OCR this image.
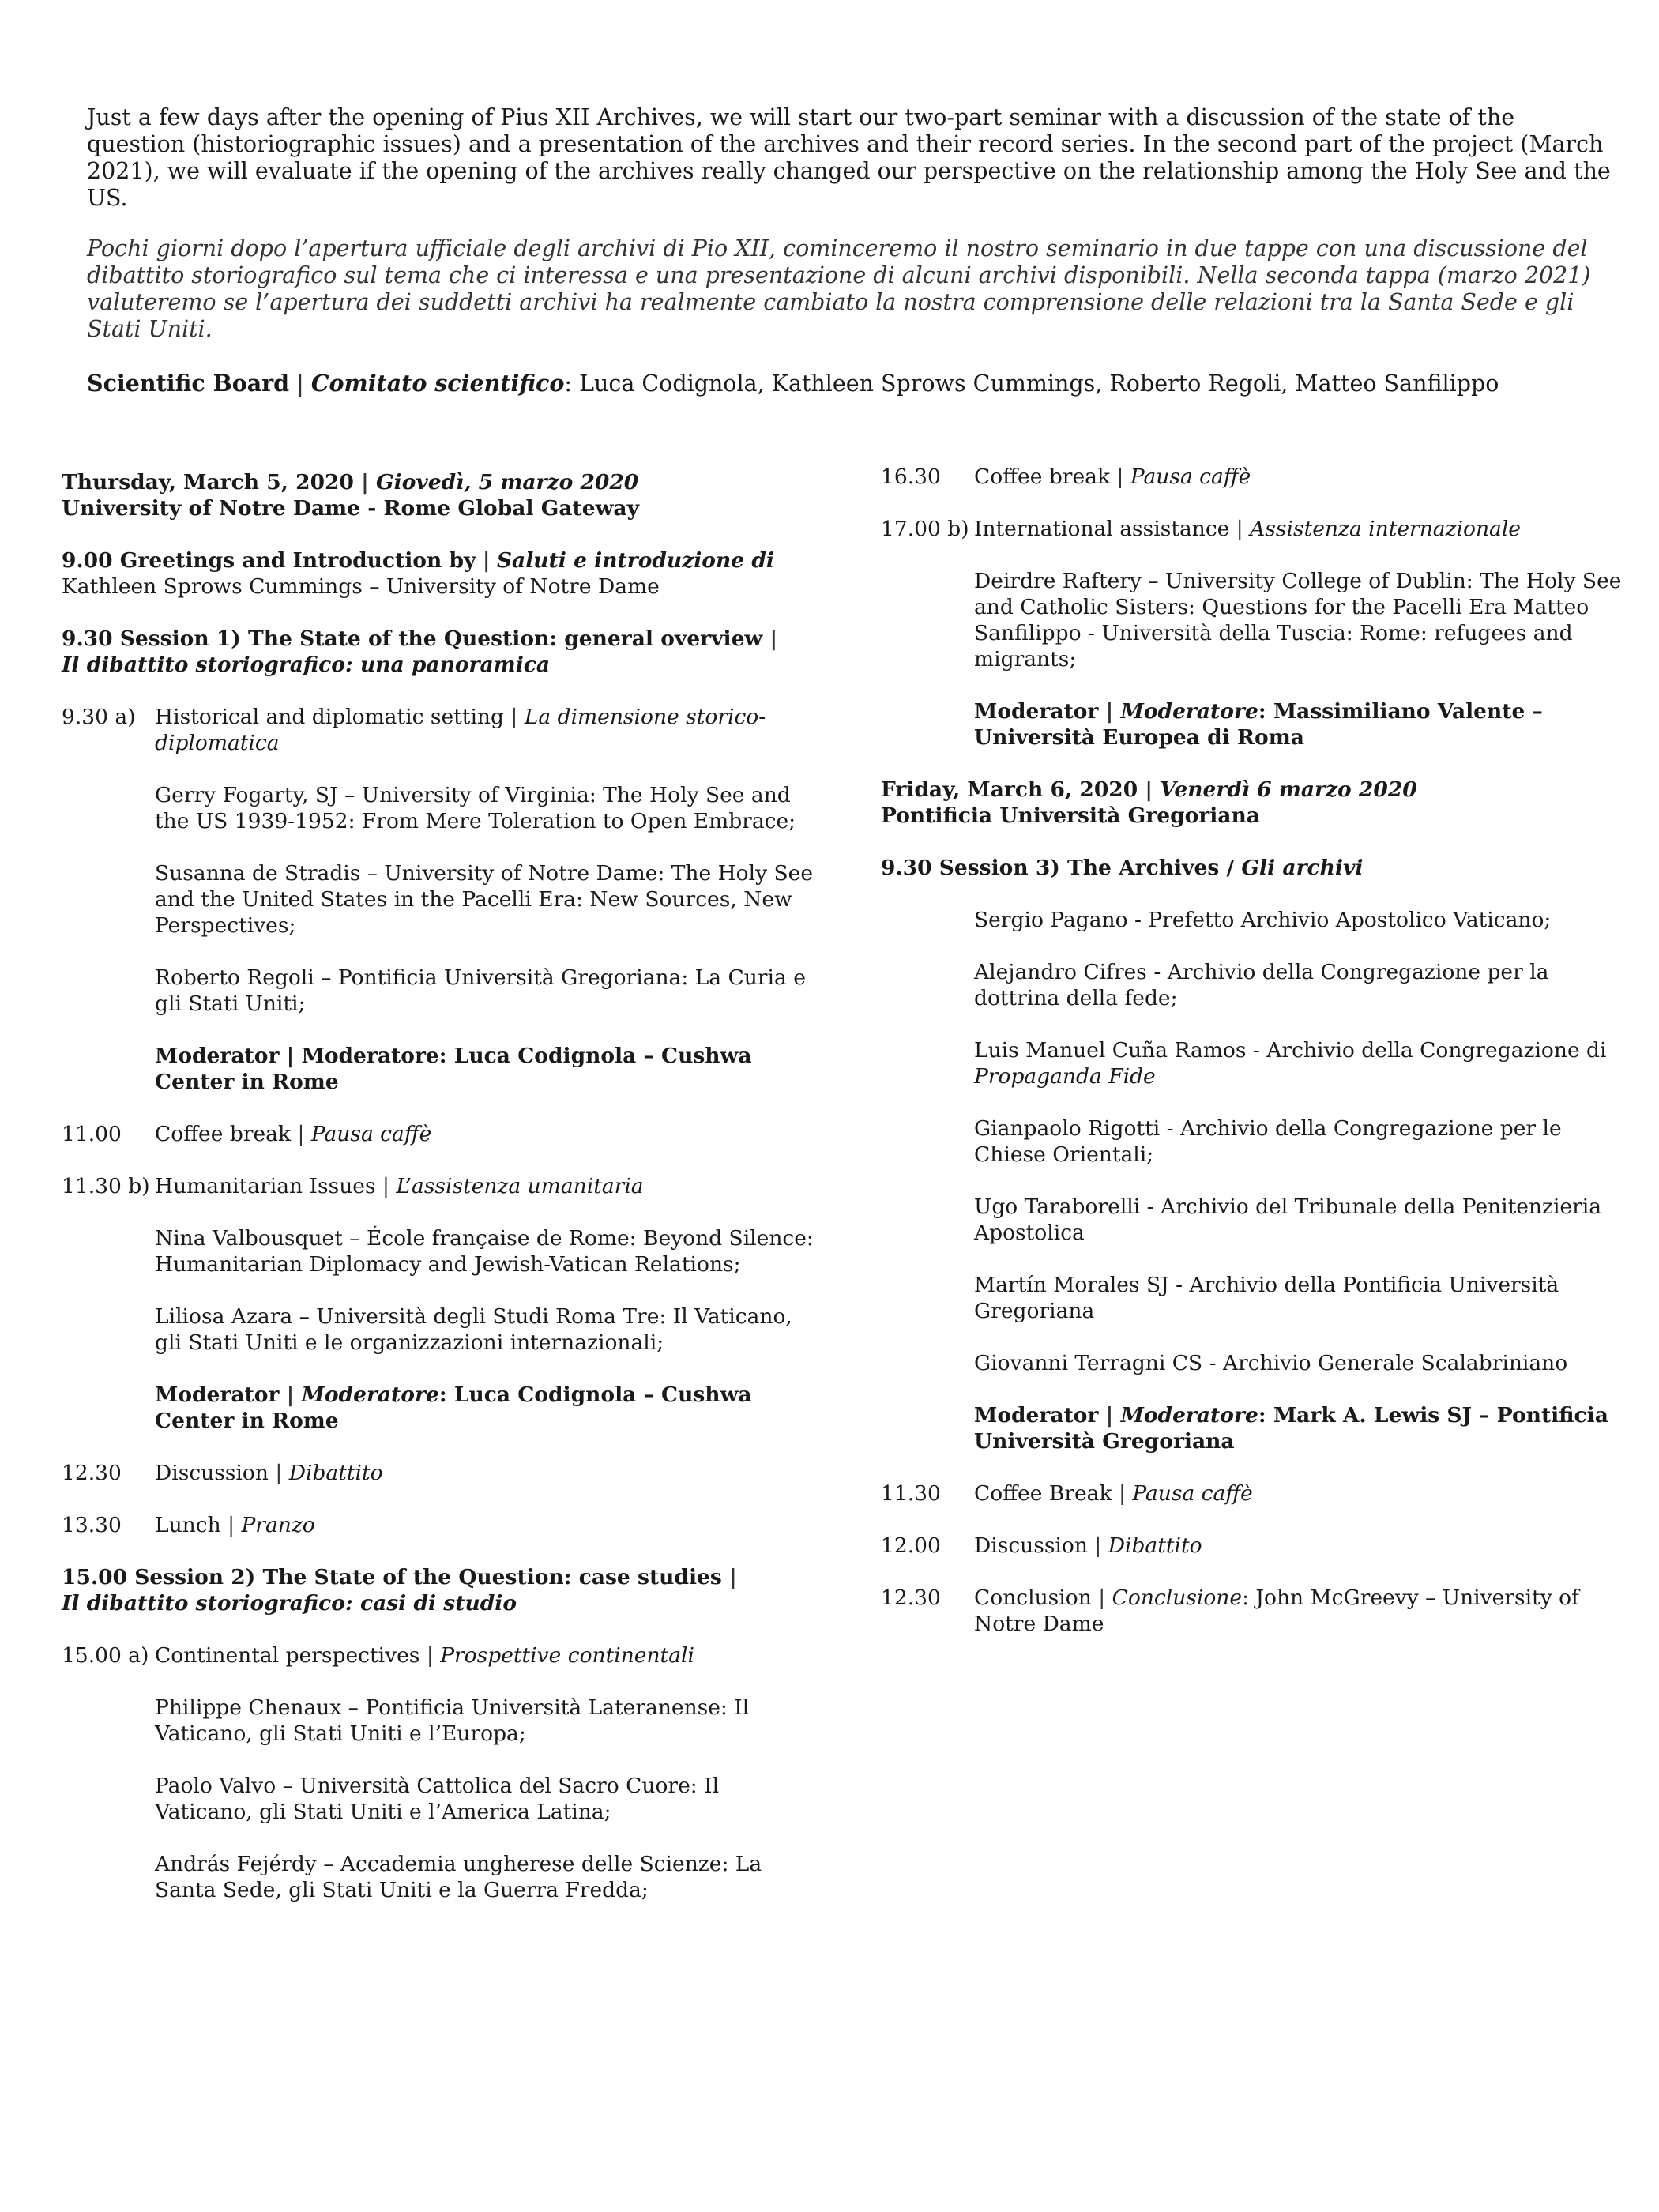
Just a few days after the opening of Pius XII Archives, we will start our two-part seminar with a discussion of the state of the question (historiographic issues) and a presentation of the archives and their record series. In the second part of the project (March 2021), we will evaluate if the opening of the archives really changed our perspective on the relationship among the Holy See and the US.

Pochi giorni dopo l’apertura ufficiale degli archivi di Pio XII, cominceremo il nostro seminario in due tappe con una discussione del dibattito storiografico sul tema che ci interessa e una presentazione di alcuni archivi disponibili. Nella seconda tappa (marzo 2021) valuteremo se l’apertura dei suddetti archivi ha realmente cambiato la nostra comprensione delle relazioni tra la Santa Sede e gli Stati Uniti.

Scientific Board | Comitato scientifico: Luca Codignola, Kathleen Sprows Cummings, Roberto Regoli, Matteo Sanfilippo
Thursday, March 5, 2020 | Giovedì, 5 marzo 2020
University of Notre Dame - Rome Global Gateway
9.00 Greetings and Introduction by | Saluti e introduzione di
Kathleen Sprows Cummings – University of Notre Dame
9.30 Session 1) The State of the Question: general overview |
Il dibattito storiografico: una panoramica
9.30 a) Historical and diplomatic setting | La dimensione storico-diplomatica
Gerry Fogarty, SJ – University of Virginia: The Holy See and the US 1939-1952: From Mere Toleration to Open Embrace;
Susanna de Stradis – University of Notre Dame: The Holy See and the United States in the Pacelli Era: New Sources, New Perspectives;
Roberto Regoli – Pontificia Università Gregoriana: La Curia e gli Stati Uniti;
Moderator | Moderatore: Luca Codignola – Cushwa Center in Rome
11.00	Coffee break | Pausa caffè
11.30 b) Humanitarian Issues | L’assistenza umanitaria
Nina Valbousquet – École française de Rome: Beyond Silence: Humanitarian Diplomacy and Jewish-Vatican Relations;
Liliosa Azara – Università degli Studi Roma Tre: Il Vaticano, gli Stati Uniti e le organizzazioni internazionali;
Moderator | Moderatore: Luca Codignola – Cushwa Center in Rome
12.30	Discussion | Dibattito
13.30	Lunch | Pranzo
15.00 Session 2) The State of the Question: case studies |
Il dibattito storiografico: casi di studio
15.00 a) Continental perspectives | Prospettive continentali
Philippe Chenaux – Pontificia Università Lateranense: Il Vaticano, gli Stati Uniti e l’Europa;
Paolo Valvo – Università Cattolica del Sacro Cuore: Il Vaticano, gli Stati Uniti e l’America Latina;
András Fejérdy – Accademia ungherese delle Scienze: La Santa Sede, gli Stati Uniti e la Guerra Fredda;
16.30	Coffee break | Pausa caffè
17.00 b) International assistance | Assistenza internazionale
Deirdre Raftery – University College of Dublin: The Holy See and Catholic Sisters: Questions for the Pacelli Era Matteo Sanfilippo - Università della Tuscia: Rome: refugees and migrants;
Moderator | Moderatore: Massimiliano Valente – Università Europea di Roma
Friday, March 6, 2020 | Venerdì 6 marzo 2020
Pontificia Università Gregoriana
9.30 Session 3) The Archives / Gli archivi
Sergio Pagano - Prefetto Archivio Apostolico Vaticano;
Alejandro Cifres - Archivio della Congregazione per la dottrina della fede;
Luis Manuel Cuña Ramos - Archivio della Congregazione di
Propaganda Fide
Gianpaolo Rigotti - Archivio della Congregazione per le Chiese Orientali;
Ugo Taraborelli - Archivio del Tribunale della Penitenzieria Apostolica
Martín Morales SJ - Archivio della Pontificia Università Gregoriana
Giovanni Terragni CS - Archivio Generale Scalabriniano
Moderator | Moderatore: Mark A. Lewis SJ – Pontificia Università Gregoriana
11.30	Coffee Break | Pausa caffè
12.00	Discussion | Dibattito
12.30	Conclusion | Conclusione: John McGreevy – University of Notre Dame
